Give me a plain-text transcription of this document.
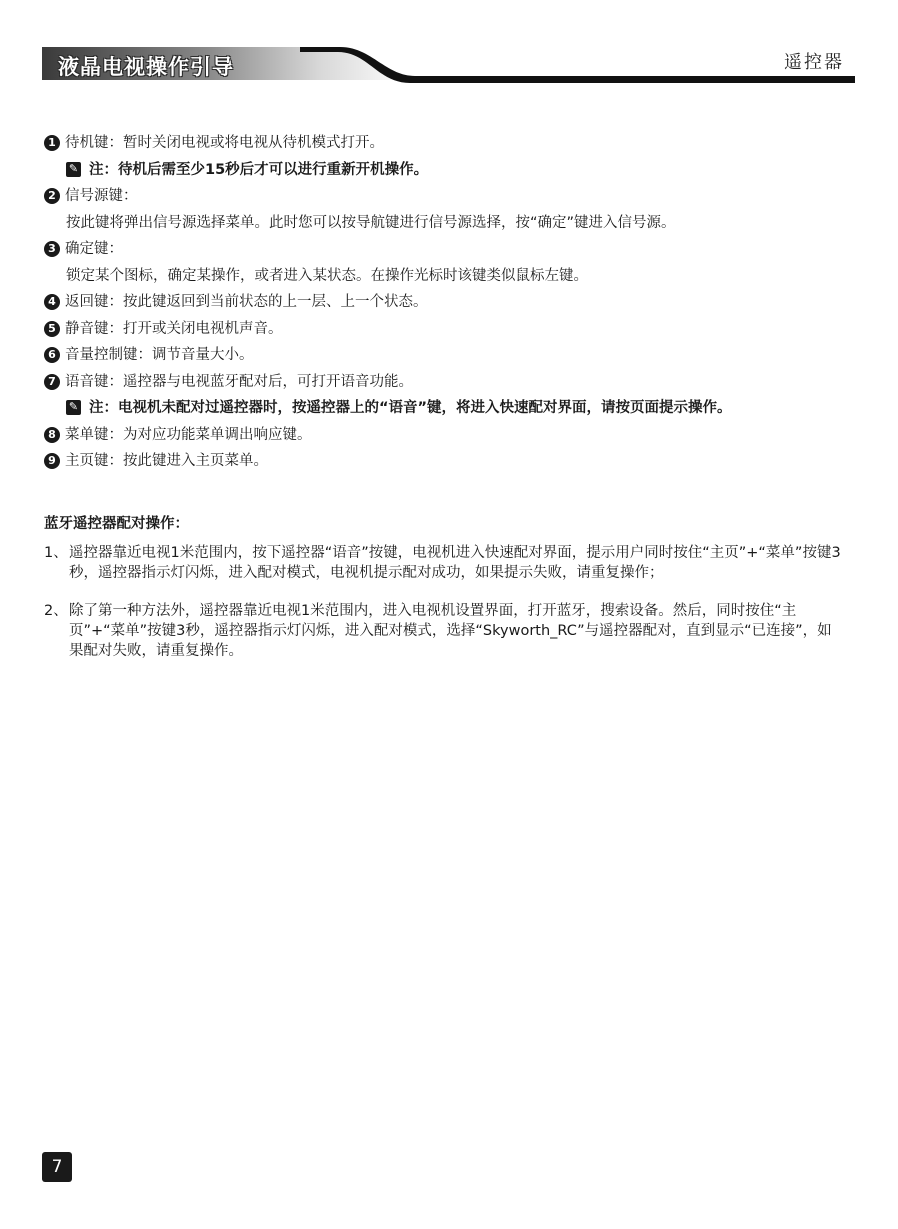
液晶电视操作引导	遥控器
1 待机键：暂时关闭电视或将电视从待机模式打开。
✎ 注： 待机后需至少15秒后才可以进行重新开机操作。
2 信号源键：
按此键将弹出信号源选择菜单。此时您可以按导航键进行信号源选择，按“确定”键进入信号源。
3 确定键：
锁定某个图标，确定某操作，或者进入某状态。在操作光标时该键类似鼠标左键。
4 返回键：按此键返回到当前状态的上一层、上一个状态。
5 静音键：打开或关闭电视机声音。
6 音量控制键：调节音量大小。
7 语音键：遥控器与电视蓝牙配对后，可打开语音功能。
✎ 注： 电视机未配对过遥控器时，按遥控器上的“语音”键，将进入快速配对界面，请按页面提示操作。
8 菜单键：为对应功能菜单调出响应键。
9 主页键：按此键进入主页菜单。
蓝牙遥控器配对操作：
1、 遥控器靠近电视1米范围内，按下遥控器“语音”按键，电视机进入快速配对界面，提示用户同时按住“主页”+“菜单”按键3秒，遥控器指示灯闪烁，进入配对模式，电视机提示配对成功，如果提示失败，请重复操作；
2、 除了第一种方法外，遥控器靠近电视1米范围内，进入电视机设置界面，打开蓝牙，搜索设备。然后，同时按住“主页”+“菜单”按键3秒，遥控器指示灯闪烁，进入配对模式，选择“Skyworth_RC”与遥控器配对，直到显示“已连接”，如果配对失败，请重复操作。
7
